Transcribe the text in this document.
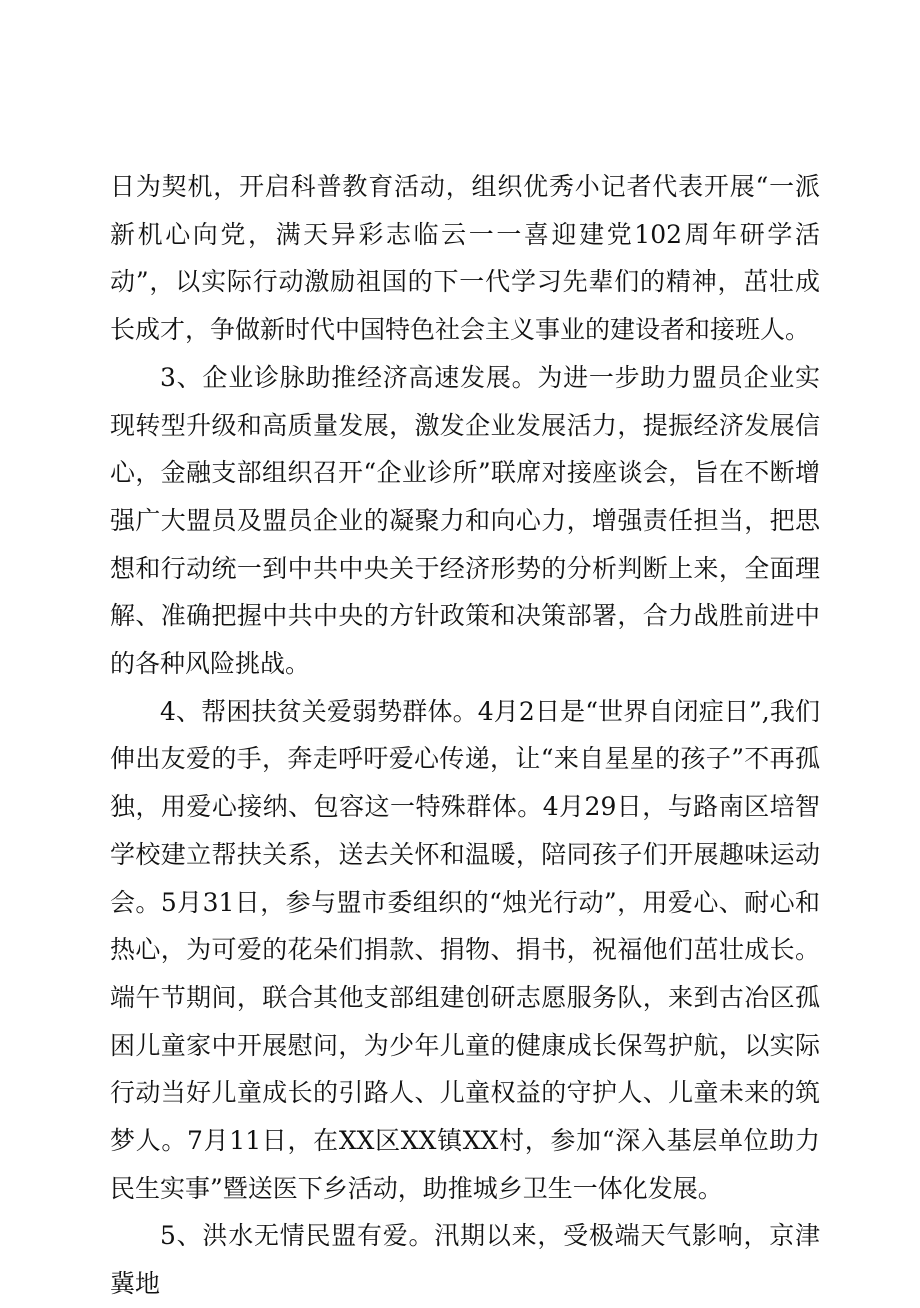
日为契机，开启科普教育活动，组织优秀小记者代表开展“一派新机心向党，满天异彩志临云一一喜迎建党102周年研学活动”，以实际行动激励祖国的下一代学习先辈们的精神，茁壮成长成才，争做新时代中国特色社会主义事业的建设者和接班人。

3、企业诊脉助推经济高速发展。为进一步助力盟员企业实现转型升级和高质量发展，激发企业发展活力，提振经济发展信心，金融支部组织召开“企业诊所”联席对接座谈会，旨在不断增强广大盟员及盟员企业的凝聚力和向心力，增强责任担当，把思想和行动统一到中共中央关于经济形势的分析判断上来，全面理解、准确把握中共中央的方针政策和决策部署，合力战胜前进中的各种风险挑战。

4、帮困扶贫关爱弱势群体。4月2日是“世界自闭症日”,我们伸出友爱的手，奔走呼吁爱心传递，让“来自星星的孩子”不再孤独，用爱心接纳、包容这一特殊群体。4月29日，与路南区培智学校建立帮扶关系，送去关怀和温暖，陪同孩子们开展趣味运动会。5月31日，参与盟市委组织的“烛光行动”，用爱心、耐心和热心，为可爱的花朵们捐款、捐物、捐书，祝福他们茁壮成长。端午节期间，联合其他支部组建创研志愿服务队，来到古冶区孤困儿童家中开展慰问，为少年儿童的健康成长保驾护航，以实际行动当好儿童成长的引路人、儿童权益的守护人、儿童未来的筑梦人。7月11日，在XX区XX镇XX村，参加“深入基层单位助力民生实事”暨送医下乡活动，助推城乡卫生一体化发展。

5、洪水无情民盟有爱。汛期以来，受极端天气影响，京津冀地
